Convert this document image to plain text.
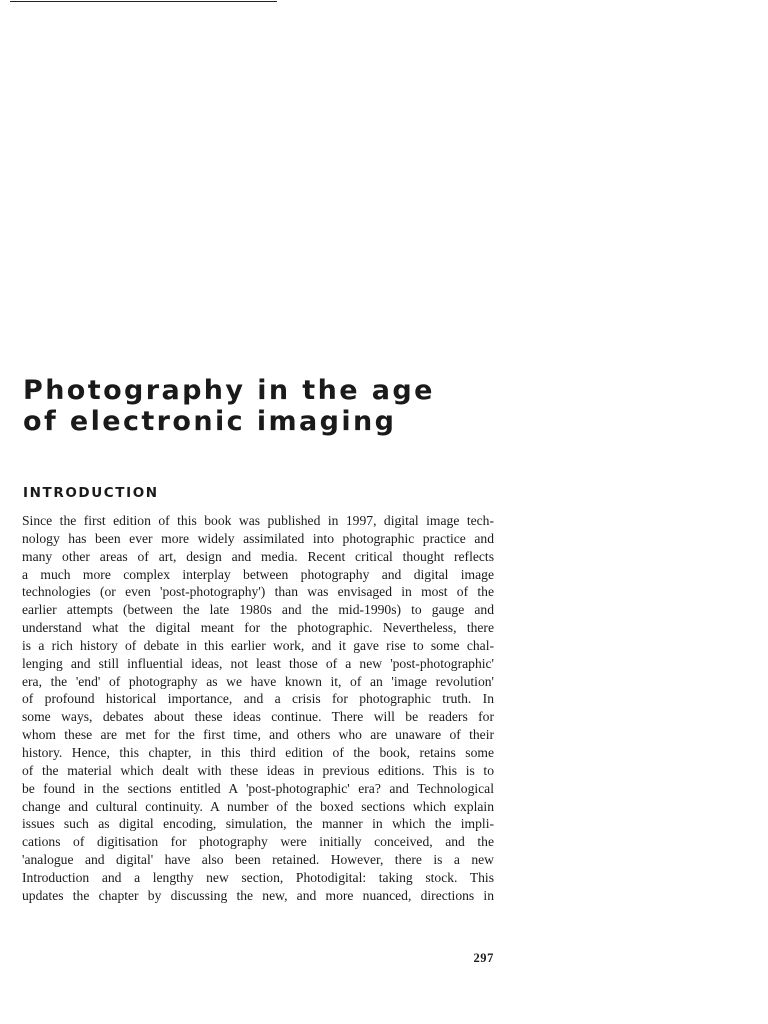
Photography in the age
of electronic imaging
INTRODUCTION
Since the first edition of this book was published in 1997, digital image tech-
nology has been ever more widely assimilated into photographic practice and
many other areas of art, design and media. Recent critical thought reflects
a much more complex interplay between photography and digital image
technologies (or even 'post-photography') than was envisaged in most of the
earlier attempts (between the late 1980s and the mid-1990s) to gauge and
understand what the digital meant for the photographic. Nevertheless, there
is a rich history of debate in this earlier work, and it gave rise to some chal-
lenging and still influential ideas, not least those of a new 'post-photographic'
era, the 'end' of photography as we have known it, of an 'image revolution'
of profound historical importance, and a crisis for photographic truth. In
some ways, debates about these ideas continue. There will be readers for
whom these are met for the first time, and others who are unaware of their
history. Hence, this chapter, in this third edition of the book, retains some
of the material which dealt with these ideas in previous editions. This is to
be found in the sections entitled A 'post-photographic' era? and Technological
change and cultural continuity. A number of the boxed sections which explain
issues such as digital encoding, simulation, the manner in which the impli-
cations of digitisation for photography were initially conceived, and the
'analogue and digital' have also been retained. However, there is a new
Introduction and a lengthy new section, Photodigital: taking stock. This
updates the chapter by discussing the new, and more nuanced, directions in
297
